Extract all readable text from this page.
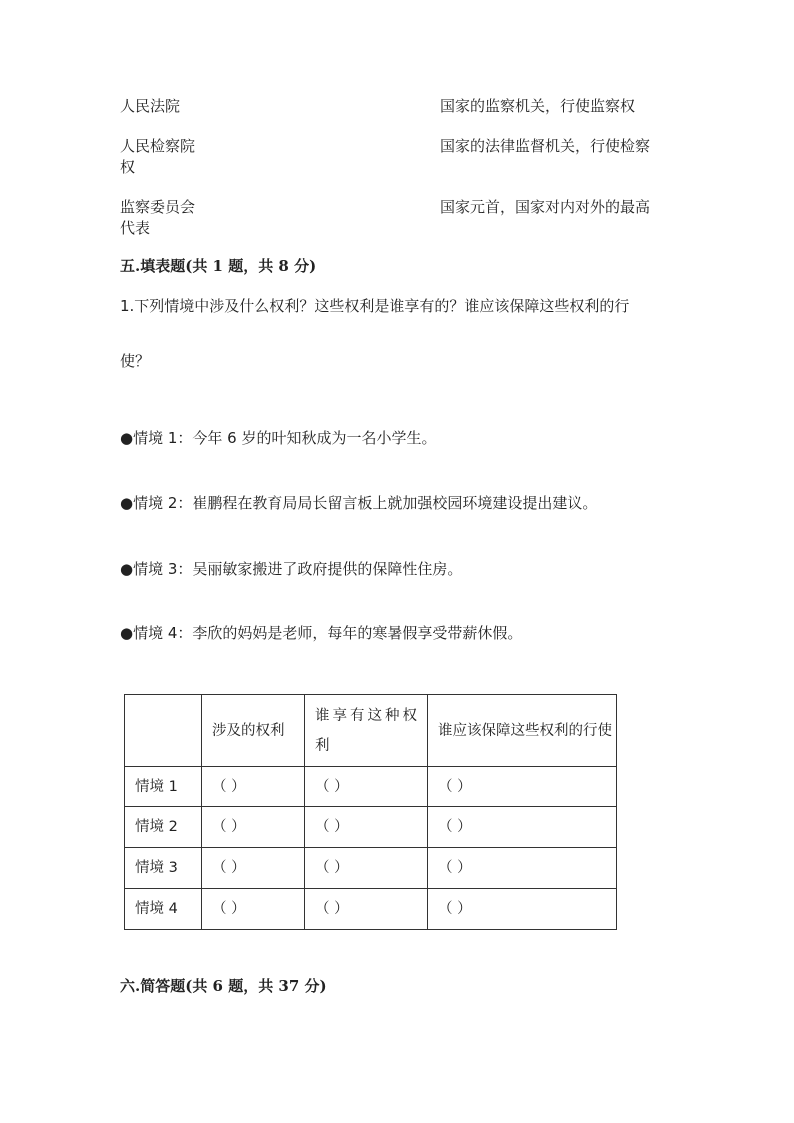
人民法院	国家的监察机关，行使监察权
人民检察院	国家的法律监督机关，行使检察
权
监察委员会	国家元首，国家对内对外的最高
代表
五.填表题(共 1 题，共 8 分)
1.下列情境中涉及什么权利？这些权利是谁享有的？谁应该保障这些权利的行
使？
●情境 1：今年 6 岁的叶知秋成为一名小学生。
●情境 2：崔鹏程在教育局局长留言板上就加强校园环境建设提出建议。
●情境 3：吴丽敏家搬进了政府提供的保障性住房。
●情境 4：李欣的妈妈是老师，每年的寒暑假享受带薪休假。
	涉及的权利	谁享有这种权利	谁应该保障这些权利的行使
情境 1	（ ）	（ ）	（ ）
情境 2	（ ）	（ ）	（ ）
情境 3	（ ）	（ ）	（ ）
情境 4	（ ）	（ ）	（ ）
六.简答题(共 6 题，共 37 分)
